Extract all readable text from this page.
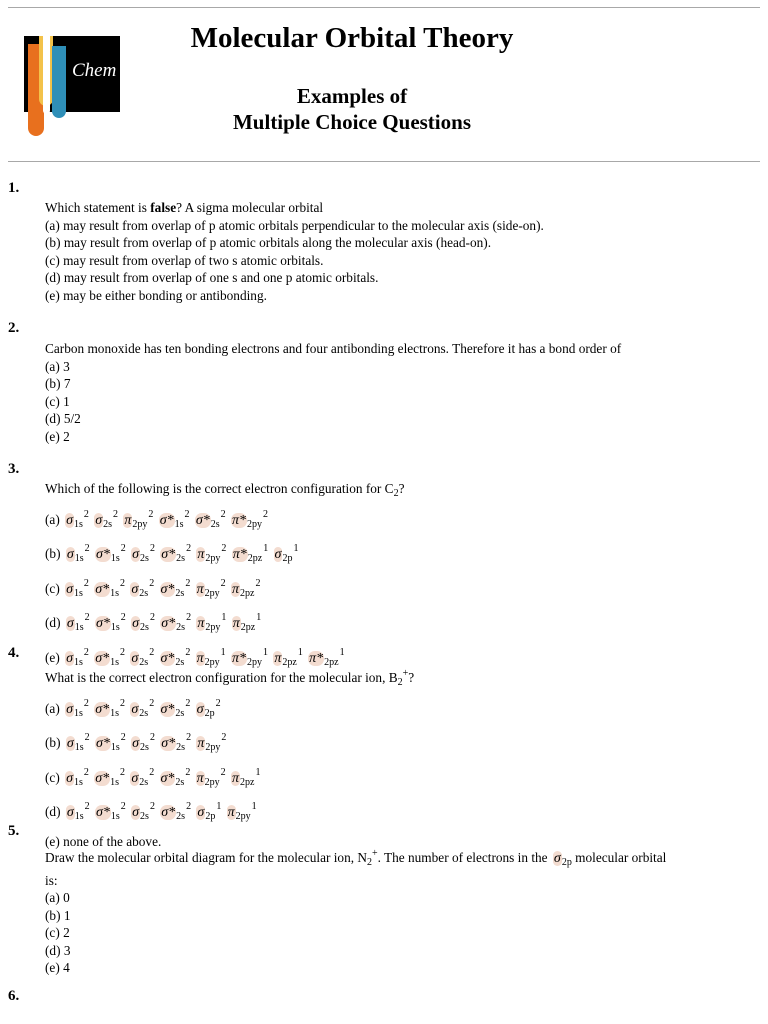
Chem
Molecular Orbital Theory
Examples of
Multiple Choice Questions
1.
Which statement is false? A sigma molecular orbital
(a) may result from overlap of p atomic orbitals perpendicular to the molecular axis (side-on).
(b) may result from overlap of p atomic orbitals along the molecular axis (head-on).
(c) may result from overlap of two s atomic orbitals.
(d) may result from overlap of one s and one p atomic orbitals.
(e) may be either bonding or antibonding.
2.
Carbon monoxide has ten bonding electrons and four antibonding electrons. Therefore it has a bond order of
(a) 3
(b) 7
(c) 1
(d) 5/2
(e) 2
3.
Which of the following is the correct electron configuration for $C_2$?
(a) $\sigma_{1s}^2$ $\sigma_{2s}^2$ $\pi_{2py}^2$ $\sigma*_{1s}^2$ $\sigma*_{2s}^2$ $\pi*_{2py}^2$
(b) $\sigma_{1s}^2$ $\sigma*_{1s}^2$ $\sigma_{2s}^2$ $\sigma*_{2s}^2$ $\pi_{2py}^2$ $\pi*_{2pz}^1$ $\sigma_{2p}^1$
(c) $\sigma_{1s}^2$ $\sigma*_{1s}^2$ $\sigma_{2s}^2$ $\sigma*_{2s}^2$ $\pi_{2py}^2$ $\pi_{2pz}^2$
(d) $\sigma_{1s}^2$ $\sigma*_{1s}^2$ $\sigma_{2s}^2$ $\sigma*_{2s}^2$ $\pi_{2py}^1$ $\pi_{2pz}^1$
(e) $\sigma_{1s}^2$ $\sigma*_{1s}^2$ $\sigma_{2s}^2$ $\sigma*_{2s}^2$ $\pi_{2py}^1$ $\pi*_{2py}^1$ $\pi_{2pz}^1$ $\pi*_{2pz}^1$
4.
What is the correct electron configuration for the molecular ion, $B_2^+$?
(a) $\sigma_{1s}^2$ $\sigma*_{1s}^2$ $\sigma_{2s}^2$ $\sigma*_{2s}^2$ $\sigma_{2p}^2$
(b) $\sigma_{1s}^2$ $\sigma*_{1s}^2$ $\sigma_{2s}^2$ $\sigma*_{2s}^2$ $\pi_{2py}^2$
(c) $\sigma_{1s}^2$ $\sigma*_{1s}^2$ $\sigma_{2s}^2$ $\sigma*_{2s}^2$ $\pi_{2py}^2$ $\pi_{2pz}^1$
(d) $\sigma_{1s}^2$ $\sigma*_{1s}^2$ $\sigma_{2s}^2$ $\sigma*_{2s}^2$ $\sigma_{2p}^1$ $\pi_{2py}^1$
(e) none of the above.
5.
Draw the molecular orbital diagram for the molecular ion, $N_2^+$. The number of electrons in the $\sigma_{2p}$ molecular orbital
is:
(a) 0
(b) 1
(c) 2
(d) 3
(e) 4
6.
